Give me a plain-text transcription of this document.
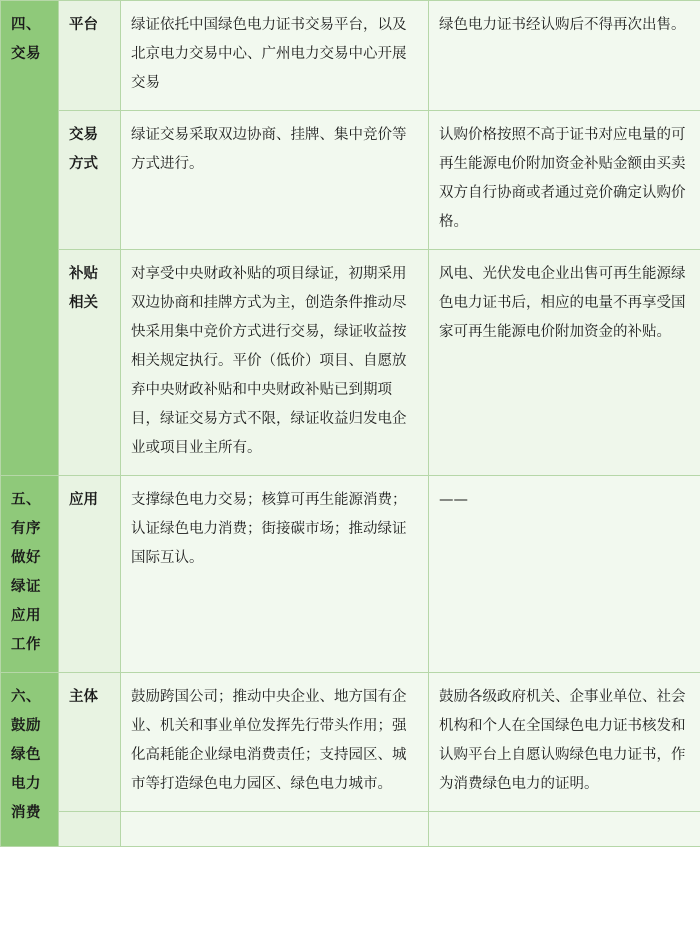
四、交易	平台	绿证依托中国绿色电力证书交易平台，以及北京电力交易中心、广州电力交易中心开展交易	绿色电力证书经认购后不得再次出售。
	交易方式	绿证交易采取双边协商、挂牌、集中竞价等方式进行。	认购价格按照不高于证书对应电量的可再生能源电价附加资金补贴金额由买卖双方自行协商或者通过竞价确定认购价格。
	补贴相关	对享受中央财政补贴的项目绿证，初期采用双边协商和挂牌方式为主，创造条件推动尽快采用集中竞价方式进行交易，绿证收益按相关规定执行。平价（低价）项目、自愿放弃中央财政补贴和中央财政补贴已到期项目，绿证交易方式不限，绿证收益归发电企业或项目业主所有。	风电、光伏发电企业出售可再生能源绿色电力证书后，相应的电量不再享受国家可再生能源电价附加资金的补贴。
五、有序做好绿证应用工作	应用	支撑绿色电力交易；核算可再生能源消费；认证绿色电力消费；街接碳市场；推动绿证国际互认。	——
六、鼓励绿色电力消费	主体	鼓励跨国公司；推动中央企业、地方国有企业、机关和事业单位发挥先行带头作用；强化高耗能企业绿电消费责任；支持园区、城市等打造绿色电力园区、绿色电力城市。	鼓励各级政府机关、企事业单位、社会机构和个人在全国绿色电力证书核发和认购平台上自愿认购绿色电力证书，作为消费绿色电力的证明。
